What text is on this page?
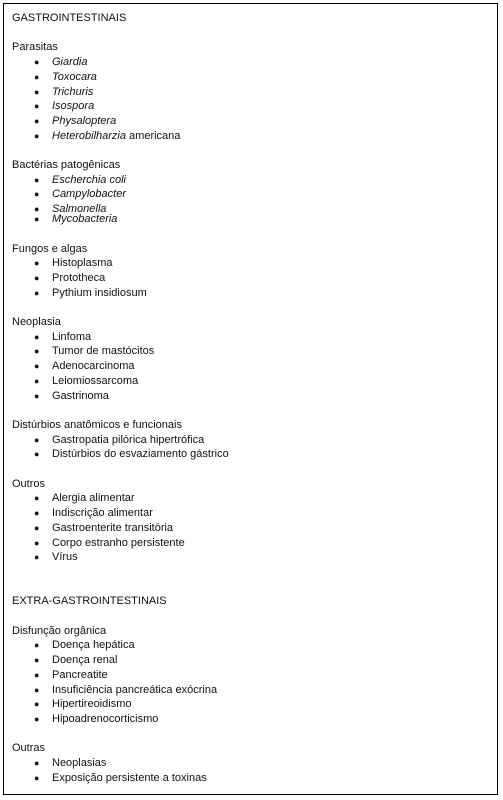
GASTROINTESTINAIS
Parasitas
● Giardia
● Toxocara
● Trichuris
● Isospora
● Physaloptera
● Heterobilharzia americana
Bactérias patogênicas
● Escherchia coli
● Campylobacter
● Salmonella
● Mycobacteria
Fungos e algas
● Histoplasma
● Prototheca
● Pythium insidiosum
Neoplasia
● Linfoma
● Tumor de mastócitos
● Adenocarcinoma
● Leiomiossarcoma
● Gastrinoma
Distúrbios anatômicos e funcionais
● Gastropatia pilórica hipertrófica
● Distúrbios do esvaziamento gástrico
Outros
● Alergia alimentar
● Indiscrição alimentar
● Gastroenterite transitória
● Corpo estranho persistente
● Vírus
EXTRA-GASTROINTESTINAIS
Disfunção orgânica
● Doença hepática
● Doença renal
● Pancreatite
● Insuficiência pancreática exócrina
● Hipertireoidismo
● Hipoadrenocorticismo
Outras
● Neoplasias
● Exposição persistente a toxinas
